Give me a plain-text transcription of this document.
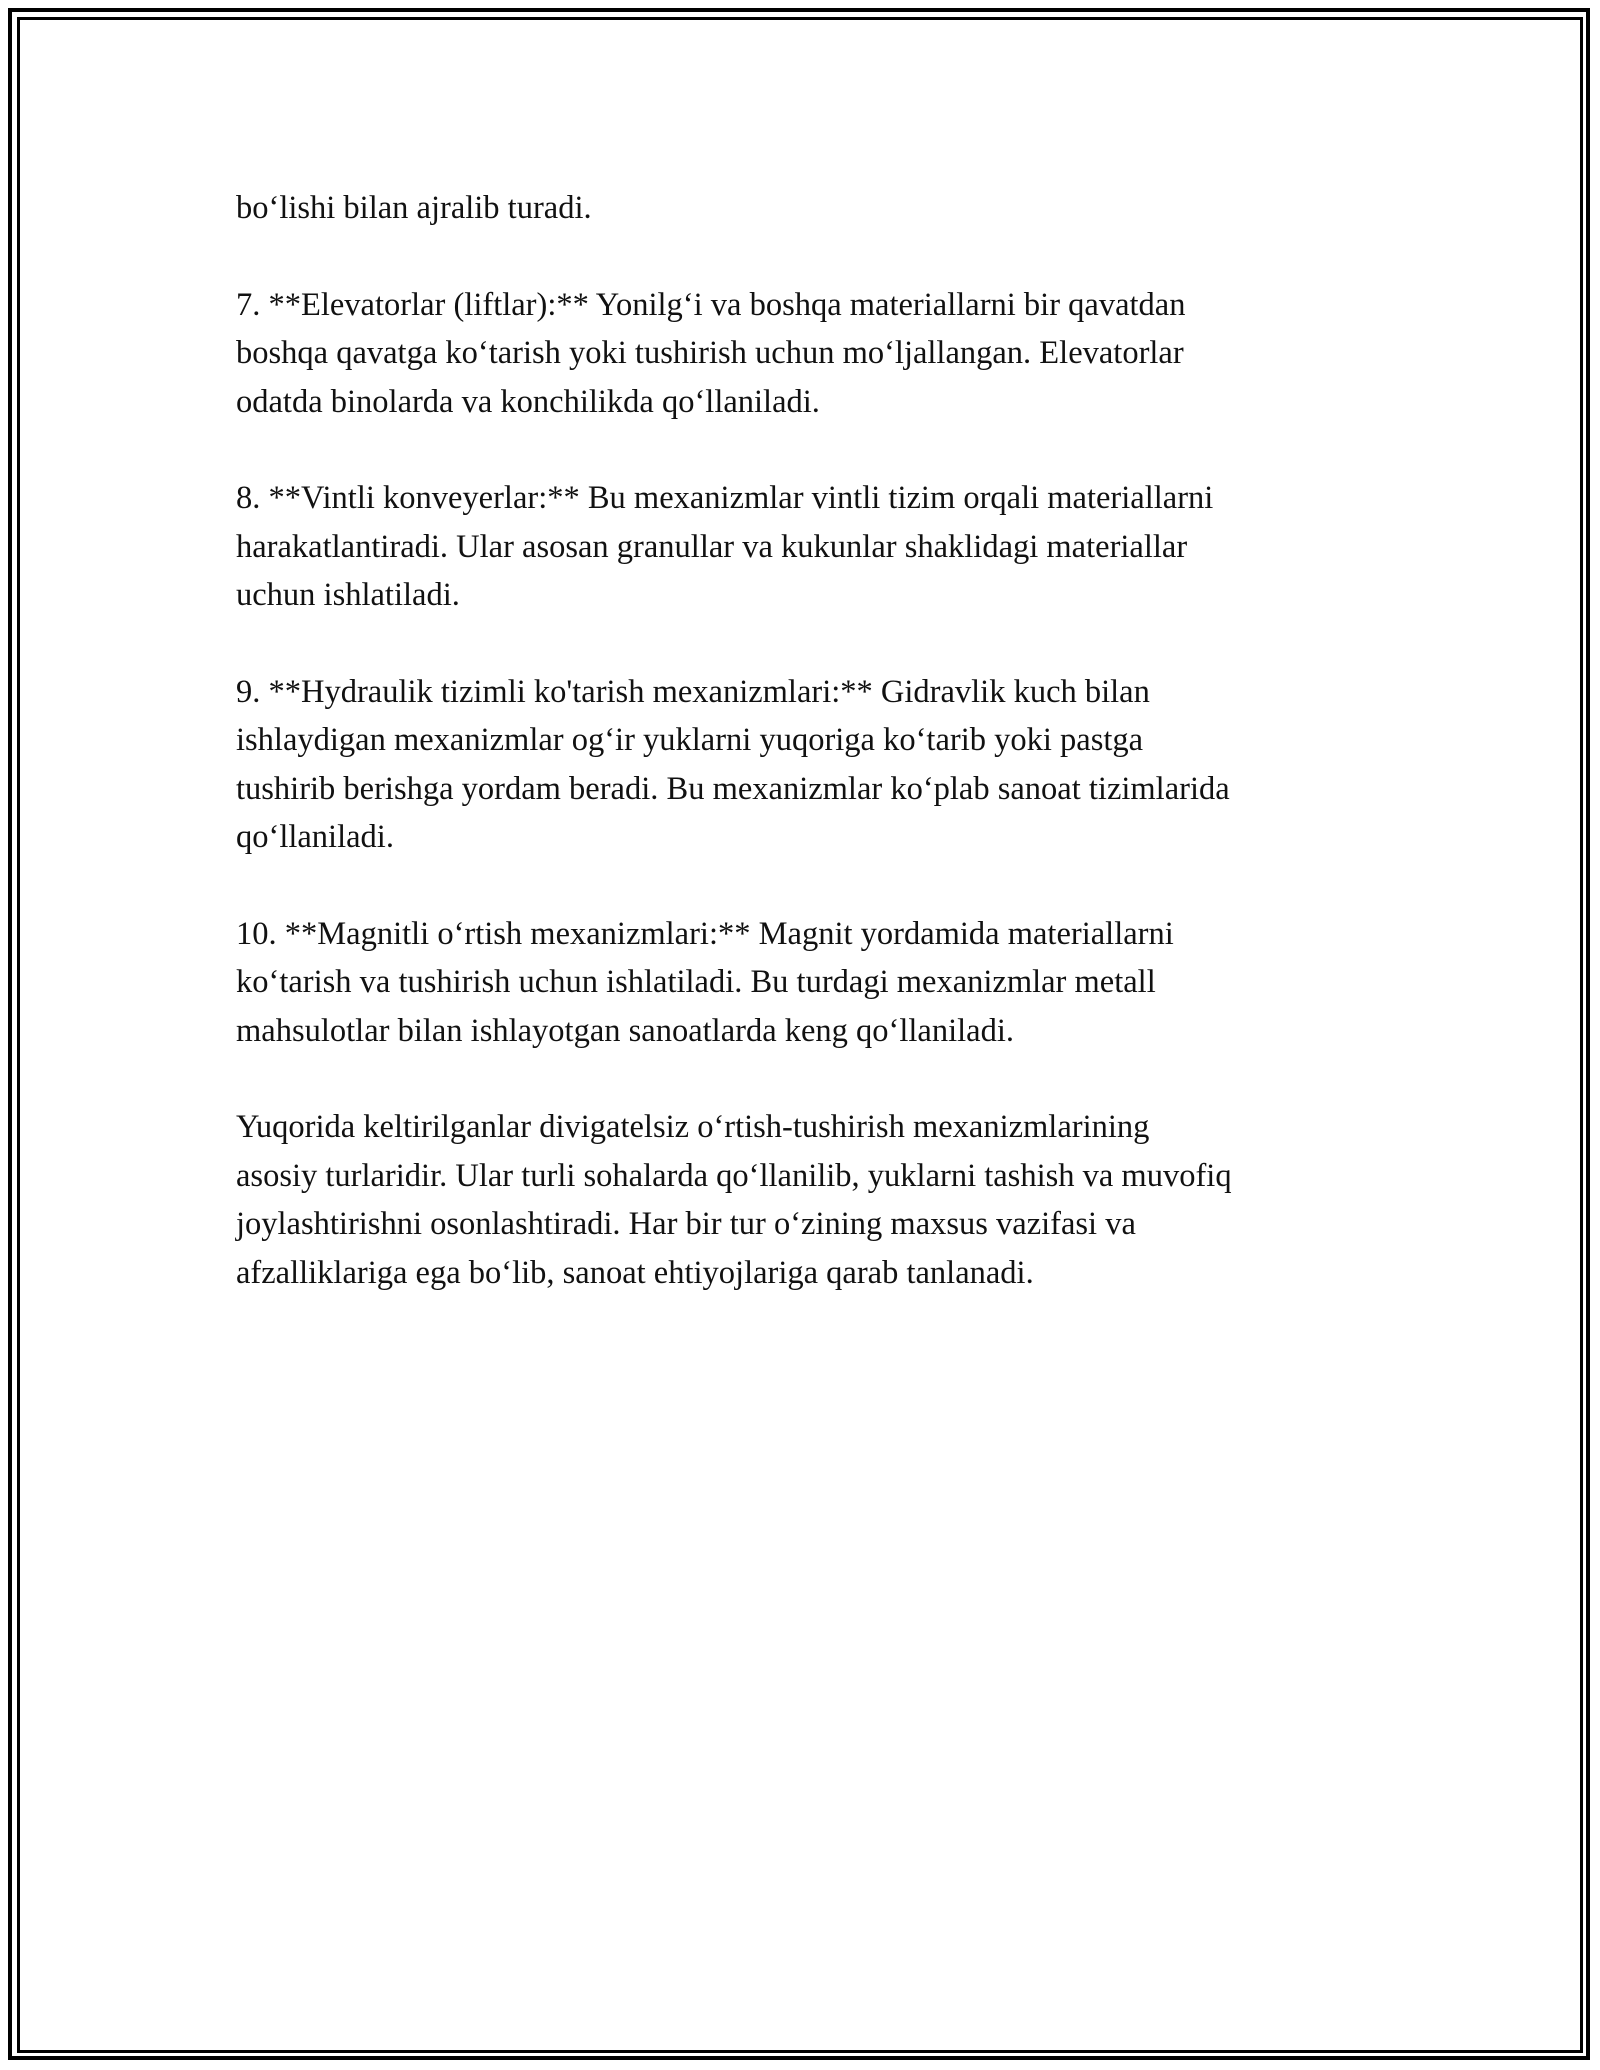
bo‘lishi bilan ajralib turadi.

7. **Elevatorlar (liftlar):** Yonilg‘i va boshqa materiallarni bir qavatdan
boshqa qavatga ko‘tarish yoki tushirish uchun mo‘ljallangan. Elevatorlar
odatda binolarda va konchilikda qo‘llaniladi.

8. **Vintli konveyerlar:** Bu mexanizmlar vintli tizim orqali materiallarni
harakatlantiradi. Ular asosan granullar va kukunlar shaklidagi materiallar
uchun ishlatiladi.

9. **Hydraulik tizimli ko'tarish mexanizmlari:** Gidravlik kuch bilan
ishlaydigan mexanizmlar og‘ir yuklarni yuqoriga ko‘tarib yoki pastga
tushirib berishga yordam beradi. Bu mexanizmlar ko‘plab sanoat tizimlarida
qo‘llaniladi.

10. **Magnitli o‘rtish mexanizmlari:** Magnit yordamida materiallarni
ko‘tarish va tushirish uchun ishlatiladi. Bu turdagi mexanizmlar metall
mahsulotlar bilan ishlayotgan sanoatlarda keng qo‘llaniladi.

Yuqorida keltirilganlar divigatelsiz o‘rtish-tushirish mexanizmlarining
asosiy turlaridir. Ular turli sohalarda qo‘llanilib, yuklarni tashish va muvofiq
joylashtirishni osonlashtiradi. Har bir tur o‘zining maxsus vazifasi va
afzalliklariga ega bo‘lib, sanoat ehtiyojlariga qarab tanlanadi.
